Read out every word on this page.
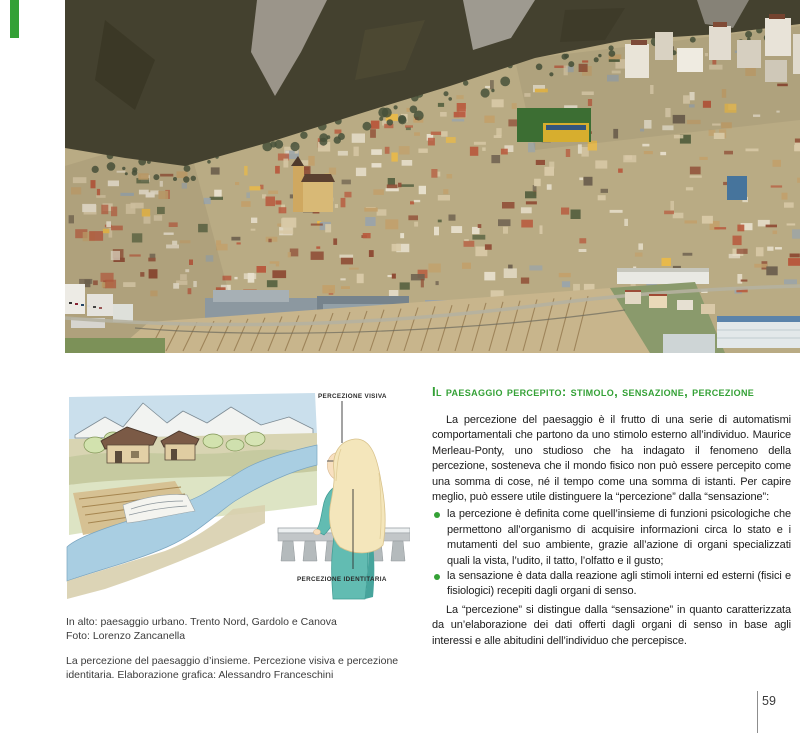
PERCEZIONE VISIVA
PERCEZIONE IDENTITARIA
In alto: paesaggio urbano. Trento Nord, Gardolo e Canova
Foto: Lorenzo Zancanella
La percezione del paesaggio d’insieme. Percezione visiva e percezione identitaria. Elaborazione grafica: Alessandro Franceschini
Il paesaggio percepito: stimolo, sensazione, percezione

La percezione del paesaggio è il frutto di una serie di automatismi comportamentali che partono da uno stimolo esterno all’individuo. Maurice Merleau-Ponty, uno studioso che ha indagato il fenomeno della percezione, sosteneva che il mondo fisico non può essere percepito come una somma di cose, né il tempo come una somma di istanti. Per capire meglio, può essere utile distinguere la “percezione” dalla “sensazione”:

la percezione è definita come quell’insieme di funzioni psicologiche che permettono all’organismo di acquisire informazioni circa lo stato e i mutamenti del suo ambiente, grazie all’azione di organi specializzati quali la vista, l’udito, il tatto, l’olfatto e il gusto;
la sensazione è data dalla reazione agli stimoli interni ed esterni (fisici e fisiologici) recepiti dagli organi di senso.

La “percezione” si distingue dalla “sensazione” in quanto caratterizzata da un’elaborazione dei dati offerti dagli organi di senso in base agli interessi e alle abitudini dell’individuo che percepisce.

59
